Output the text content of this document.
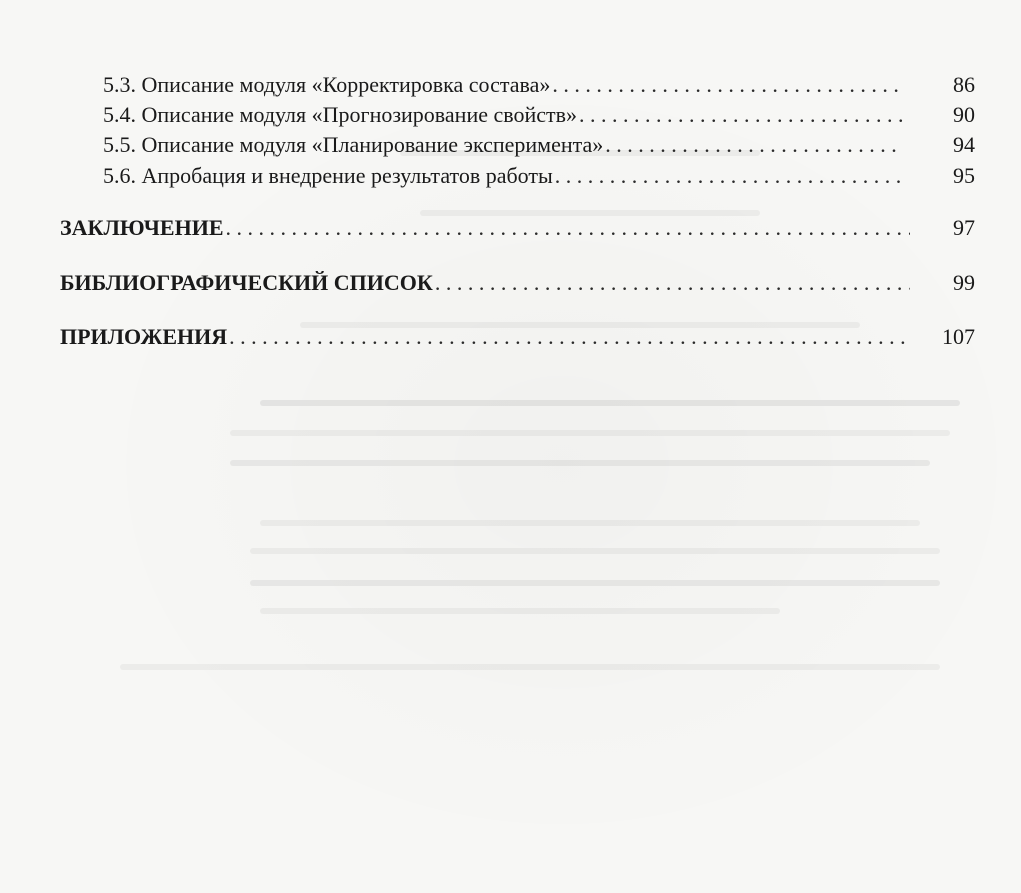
5.3. Описание модуля «Корректировка состава» . . .	86
5.4. Описание модуля «Прогнозирование свойств» . . .	90
5.5. Описание модуля «Планирование эксперимента» . . .	94
5.6. Апробация и внедрение результатов работы . . .	95
ЗАКЛЮЧЕНИЕ . . .	97
БИБЛИОГРАФИЧЕСКИЙ СПИСОК . . .	99
ПРИЛОЖЕНИЯ . . .	107
